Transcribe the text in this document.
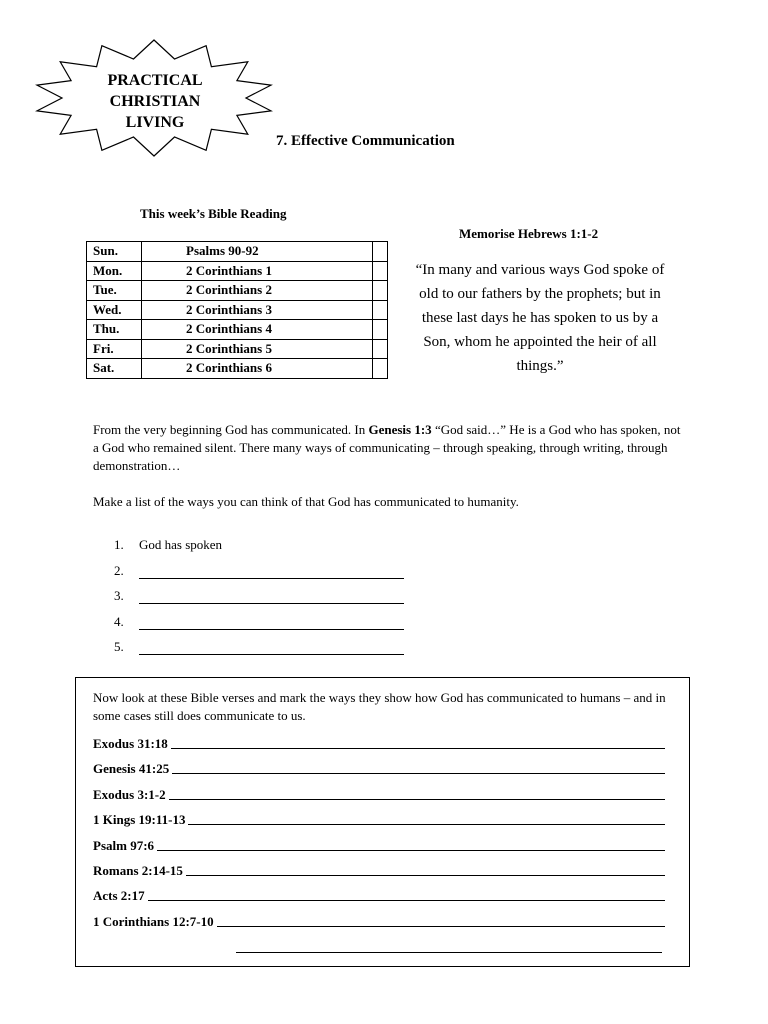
PRACTICAL
CHRISTIAN
LIVING
7. Effective Communication
This week’s Bible Reading
Sun.	Psalms 90-92	
Mon.	2 Corinthians 1	
Tue.	2 Corinthians 2	
Wed.	2 Corinthians 3	
Thu.	2 Corinthians 4	
Fri.	2 Corinthians 5	
Sat.	2 Corinthians 6	
Memorise Hebrews 1:1-2
“In many and various ways God spoke of old to our fathers by the prophets; but in these last days he has spoken to us by a Son, whom he appointed the heir of all things.”
From the very beginning God has communicated. In Genesis 1:3 “God said…” He is a God who has spoken, not a God who remained silent. There many ways of communicating – through speaking, through writing, through demonstration…
Make a list of the ways you can think of that God has communicated to humanity.
1. God has spoken
2.
3.
4.
5.
Now look at these Bible verses and mark the ways they show how God has communicated to humans – and in some cases still does communicate to us.
Exodus 31:18
Genesis 41:25
Exodus 3:1-2
1 Kings 19:11-13
Psalm 97:6
Romans 2:14-15
Acts 2:17
1 Corinthians 12:7-10
